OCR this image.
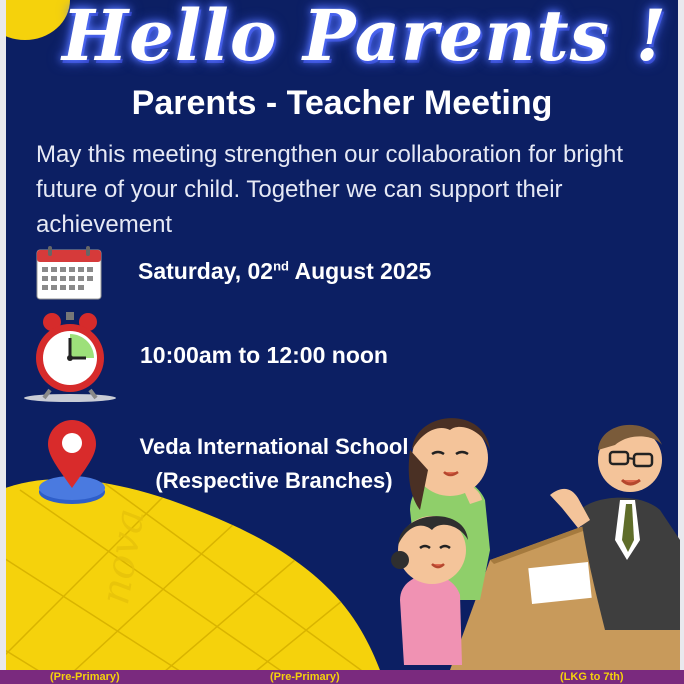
nova
Hello Parents !
Parents - Teacher Meeting
May this meeting strengthen our collaboration for bright future of your child. Together we can support their achievement
Saturday, 02nd August 2025
10:00am to 12:00 noon
Veda International School
(Respective Branches)
(Pre-Primary)	(Pre-Primary)	(LKG to 7th)
